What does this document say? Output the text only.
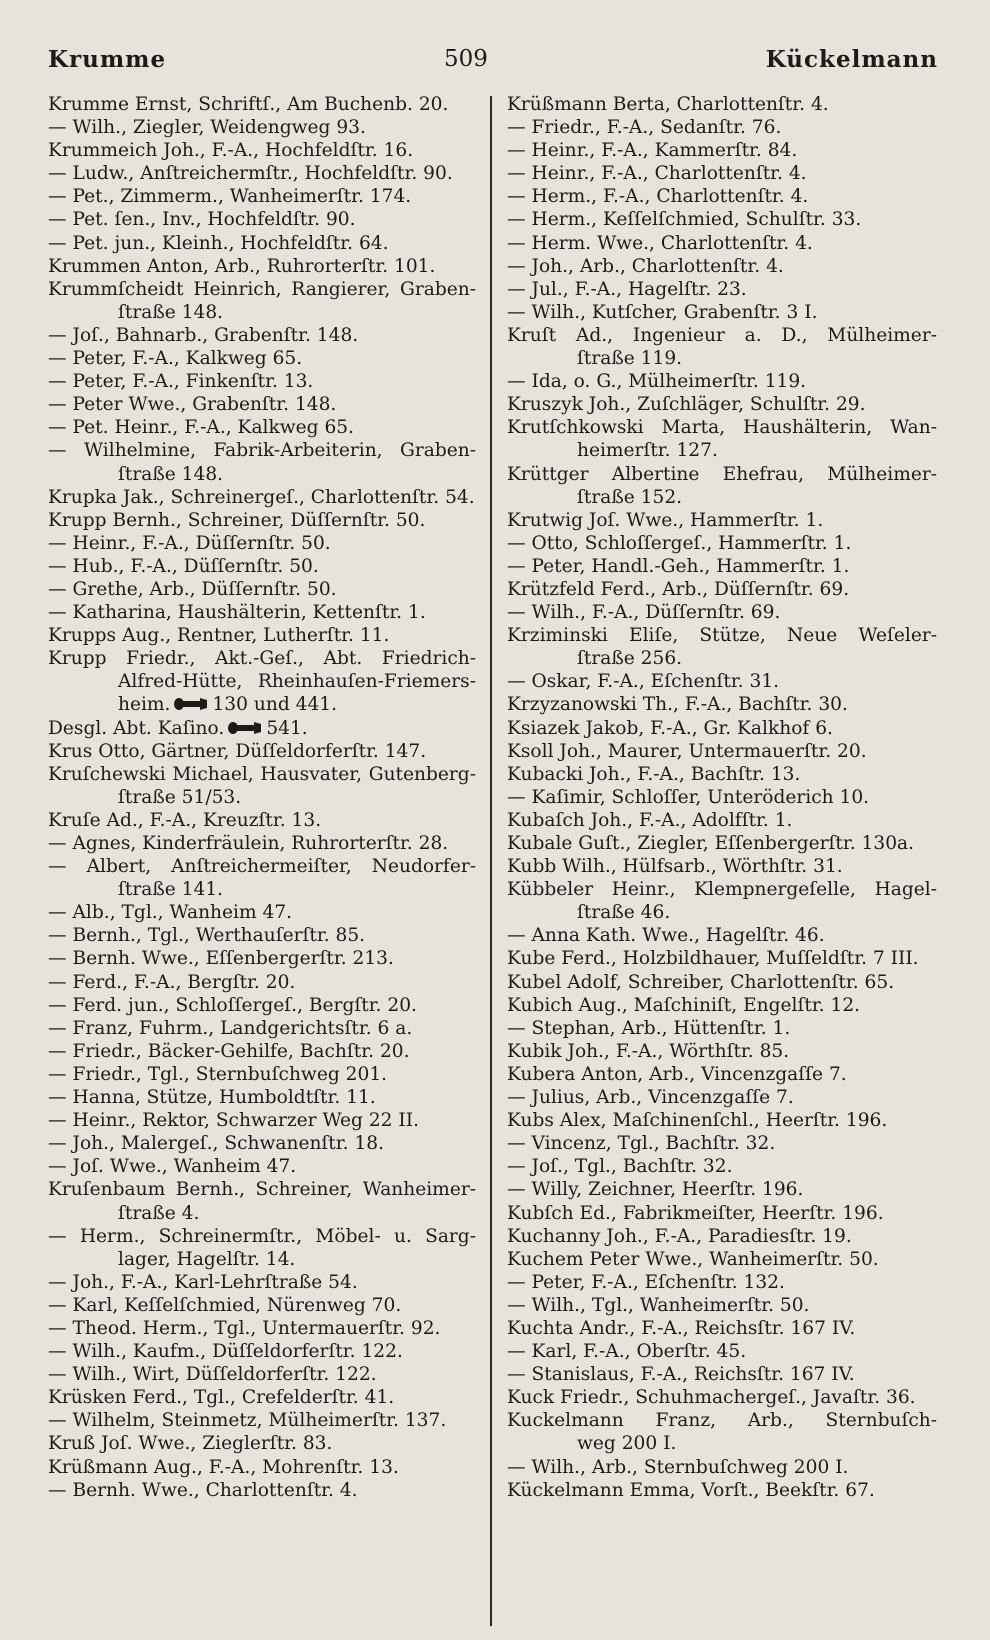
Krumme	509	Kückelmann
Krumme Ernst, Schriftſ., Am Buchenb. 20.
— Wilh., Ziegler, Weidengweg 93.
Krummeich Joh., F.-A., Hochfeldſtr. 16.
— Ludw., Anſtreichermſtr., Hochfeldſtr. 90.
— Pet., Zimmerm., Wanheimerſtr. 174.
— Pet. ſen., Inv., Hochfeldſtr. 90.
— Pet. jun., Kleinh., Hochfeldſtr. 64.
Krummen Anton, Arb., Ruhrorterſtr. 101.
Krummſcheidt Heinrich, Rangierer, Graben-
ſtraße 148.
— Joſ., Bahnarb., Grabenſtr. 148.
— Peter, F.-A., Kalkweg 65.
— Peter, F.-A., Finkenſtr. 13.
— Peter Wwe., Grabenſtr. 148.
— Pet. Heinr., F.-A., Kalkweg 65.
— Wilhelmine, Fabrik-Arbeiterin, Graben-
ſtraße 148.
Krupka Jak., Schreinergeſ., Charlottenſtr. 54.
Krupp Bernh., Schreiner, Düſſernſtr. 50.
— Heinr., F.-A., Düſſernſtr. 50.
— Hub., F.-A., Düſſernſtr. 50.
— Grethe, Arb., Düſſernſtr. 50.
— Katharina, Haushälterin, Kettenſtr. 1.
Krupps Aug., Rentner, Lutherſtr. 11.
Krupp Friedr., Akt.-Geſ., Abt. Friedrich-
Alfred-Hütte, Rheinhauſen-Friemers-
heim. 130 und 441.
Desgl. Abt. Kaſino. 541.
Krus Otto, Gärtner, Düſſeldorferſtr. 147.
Kruſchewski Michael, Hausvater, Gutenberg-
ſtraße 51/53.
Kruſe Ad., F.-A., Kreuzſtr. 13.
— Agnes, Kinderfräulein, Ruhrorterſtr. 28.
— Albert, Anſtreichermeiſter, Neudorfer-
ſtraße 141.
— Alb., Tgl., Wanheim 47.
— Bernh., Tgl., Werthauſerſtr. 85.
— Bernh. Wwe., Eſſenbergerſtr. 213.
— Ferd., F.-A., Bergſtr. 20.
— Ferd. jun., Schloſſergeſ., Bergſtr. 20.
— Franz, Fuhrm., Landgerichtsſtr. 6 a.
— Friedr., Bäcker-Gehilfe, Bachſtr. 20.
— Friedr., Tgl., Sternbuſchweg 201.
— Hanna, Stütze, Humboldtſtr. 11.
— Heinr., Rektor, Schwarzer Weg 22 II.
— Joh., Malergeſ., Schwanenſtr. 18.
— Joſ. Wwe., Wanheim 47.
Kruſenbaum Bernh., Schreiner, Wanheimer-
ſtraße 4.
— Herm., Schreinermſtr., Möbel- u. Sarg-
lager, Hagelſtr. 14.
— Joh., F.-A., Karl-Lehrſtraße 54.
— Karl, Keſſelſchmied, Nürenweg 70.
— Theod. Herm., Tgl., Untermauerſtr. 92.
— Wilh., Kaufm., Düſſeldorferſtr. 122.
— Wilh., Wirt, Düſſeldorferſtr. 122.
Krüsken Ferd., Tgl., Crefelderſtr. 41.
— Wilhelm, Steinmetz, Mülheimerſtr. 137.
Kruß Joſ. Wwe., Zieglerſtr. 83.
Krüßmann Aug., F.-A., Mohrenſtr. 13.
— Bernh. Wwe., Charlottenſtr. 4.
Krüßmann Berta, Charlottenſtr. 4.
— Friedr., F.-A., Sedanſtr. 76.
— Heinr., F.-A., Kammerſtr. 84.
— Heinr., F.-A., Charlottenſtr. 4.
— Herm., F.-A., Charlottenſtr. 4.
— Herm., Keſſelſchmied, Schulſtr. 33.
— Herm. Wwe., Charlottenſtr. 4.
— Joh., Arb., Charlottenſtr. 4.
— Jul., F.-A., Hagelſtr. 23.
— Wilh., Kutſcher, Grabenſtr. 3 I.
Kruſt Ad., Ingenieur a. D., Mülheimer-
ſtraße 119.
— Ida, o. G., Mülheimerſtr. 119.
Kruszyk Joh., Zuſchläger, Schulſtr. 29.
Krutſchkowski Marta, Haushälterin, Wan-
heimerſtr. 127.
Krüttger Albertine Ehefrau, Mülheimer-
ſtraße 152.
Krutwig Joſ. Wwe., Hammerſtr. 1.
— Otto, Schloſſergeſ., Hammerſtr. 1.
— Peter, Handl.-Geh., Hammerſtr. 1.
Krützfeld Ferd., Arb., Düſſernſtr. 69.
— Wilh., F.-A., Düſſernſtr. 69.
Krziminski Eliſe, Stütze, Neue Weſeler-
ſtraße 256.
— Oskar, F.-A., Eſchenſtr. 31.
Krzyzanowski Th., F.-A., Bachſtr. 30.
Ksiazek Jakob, F.-A., Gr. Kalkhof 6.
Ksoll Joh., Maurer, Untermauerſtr. 20.
Kubacki Joh., F.-A., Bachſtr. 13.
— Kaſimir, Schloſſer, Unteröderich 10.
Kubaſch Joh., F.-A., Adolfſtr. 1.
Kubale Guſt., Ziegler, Eſſenbergerſtr. 130a.
Kubb Wilh., Hülfsarb., Wörthſtr. 31.
Kübbeler Heinr., Klempnergeſelle, Hagel-
ſtraße 46.
— Anna Kath. Wwe., Hagelſtr. 46.
Kube Ferd., Holzbildhauer, Muſſeldſtr. 7 III.
Kubel Adolf, Schreiber, Charlottenſtr. 65.
Kubich Aug., Maſchiniſt, Engelſtr. 12.
— Stephan, Arb., Hüttenſtr. 1.
Kubik Joh., F.-A., Wörthſtr. 85.
Kubera Anton, Arb., Vincenzgaſſe 7.
— Julius, Arb., Vincenzgaſſe 7.
Kubs Alex, Maſchinenſchl., Heerſtr. 196.
— Vincenz, Tgl., Bachſtr. 32.
— Joſ., Tgl., Bachſtr. 32.
— Willy, Zeichner, Heerſtr. 196.
Kubſch Ed., Fabrikmeiſter, Heerſtr. 196.
Kuchanny Joh., F.-A., Paradiesſtr. 19.
Kuchem Peter Wwe., Wanheimerſtr. 50.
— Peter, F.-A., Eſchenſtr. 132.
— Wilh., Tgl., Wanheimerſtr. 50.
Kuchta Andr., F.-A., Reichsſtr. 167 IV.
— Karl, F.-A., Oberſtr. 45.
— Stanislaus, F.-A., Reichsſtr. 167 IV.
Kuck Friedr., Schuhmachergeſ., Javaſtr. 36.
Kuckelmann Franz, Arb., Sternbuſch-
weg 200 I.
— Wilh., Arb., Sternbuſchweg 200 I.
Kückelmann Emma, Vorſt., Beekſtr. 67.
